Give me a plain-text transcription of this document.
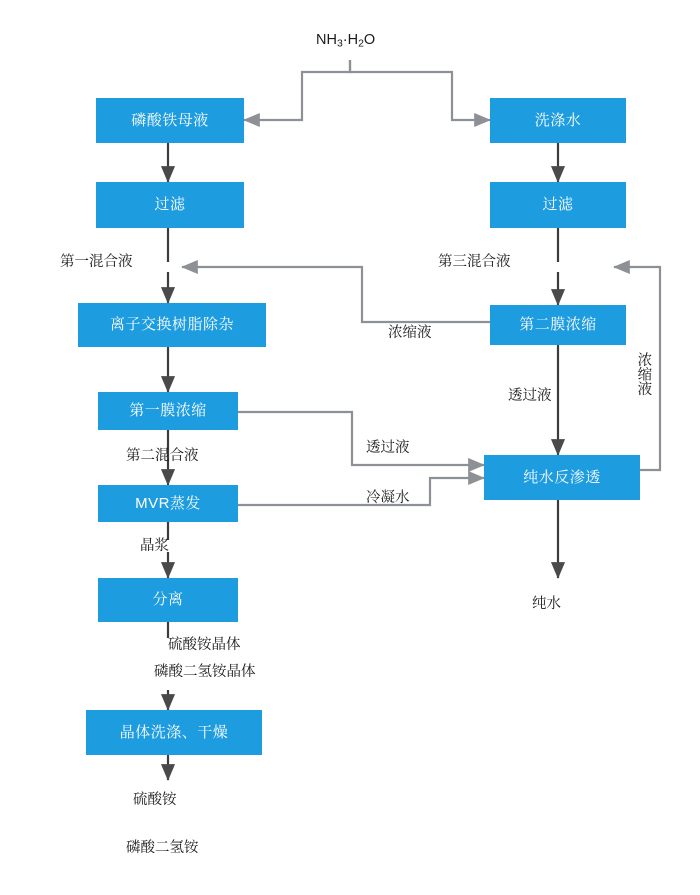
$NH_3\cdot H_2O$
磷酸铁母液	洗涤水
过滤	过滤
离子交换树脂除杂	第二膜浓缩
第一膜浓缩
MVR蒸发
纯水反渗透
分离
晶体洗涤、干燥
第一混合液	第三混合液
浓缩液
浓缩液
透过液
透过液
第二混合液
冷凝水
晶浆
硫酸铵晶体
磷酸二氢铵晶体
纯水
硫酸铵
磷酸二氢铵
